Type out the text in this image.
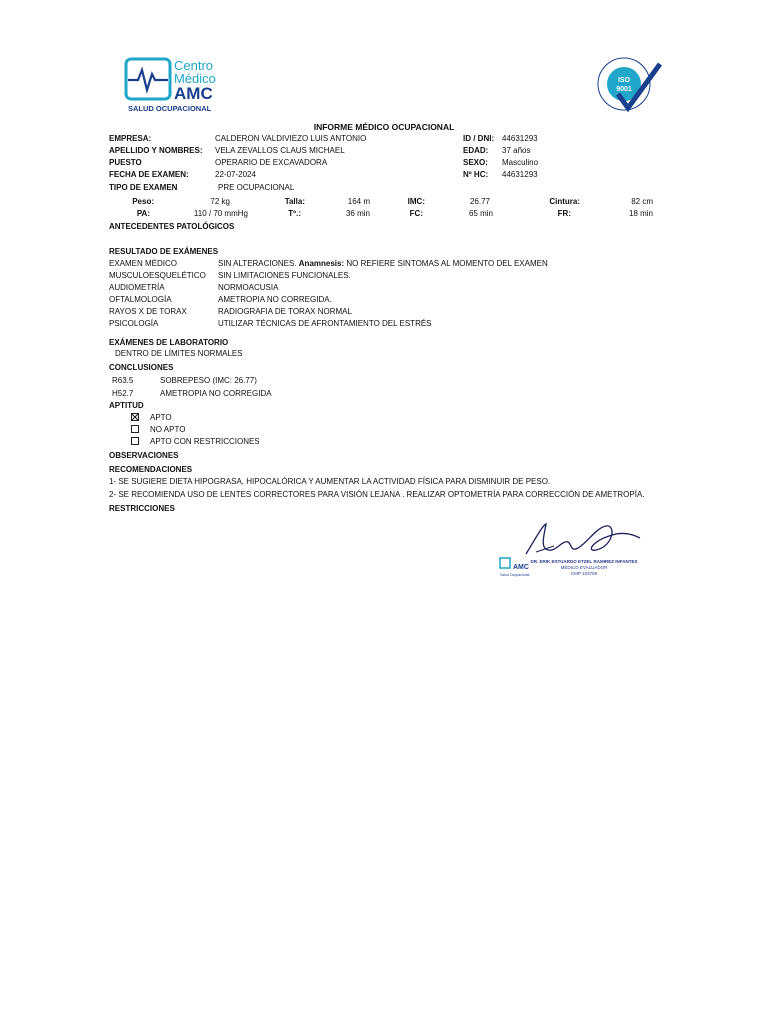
Centro
Médico
AMC
SALUD OCUPACIONAL
ISO
9001
INFORME MÉDICO OCUPACIONAL
EMPRESA:	CALDERON VALDIVIEZO LUIS ANTONIO	ID / DNI: 44631293
APELLIDO Y NOMBRES: VELA ZEVALLOS CLAUS MICHAEL	EDAD: 37 años
PUESTO	OPERARIO DE EXCAVADORA	SEXO: Masculino
FECHA DE EXAMEN:	22-07-2024	Nº HC: 44631293
TIPO DE EXAMEN	PRE OCUPACIONAL
Peso:	72 kg	Talla:	164 m	IMC:	26.77	Cintura:	82 cm
PA:	110 / 70 mmHg	Tº.:	36 min	FC:	65 min	FR:	18 min
ANTECEDENTES PATOLÓGICOS
RESULTADO DE EXÁMENES
EXAMEN MÉDICO	SIN ALTERACIONES. Anamnesis: NO REFIERE SINTOMAS AL MOMENTO DEL EXAMEN
MUSCULOESQUELÉTICO SIN LIMITACIONES FUNCIONALES.
AUDIOMETRÍA	NORMOACUSIA
OFTALMOLOGÍA	AMETROPIA NO CORREGIDA.
RAYOS X DE TORAX	RADIOGRAFIA DE TORAX NORMAL
PSICOLOGÍA	UTILIZAR TÉCNICAS DE AFRONTAMIENTO DEL ESTRÉS
EXÁMENES DE LABORATORIO
DENTRO DE LÍMITES NORMALES
CONCLUSIONES
R63.5	SOBREPESO (IMC: 26.77)
H52.7	AMETROPIA NO CORREGIDA
APTITUD
APTO
NO APTO
APTO CON RESTRICCIONES
OBSERVACIONES
RECOMENDACIONES
1- SE SUGIERE DIETA HIPOGRASA, HIPOCALÓRICA Y AUMENTAR LA ACTIVIDAD FÍSICA PARA DISMINUIR DE PESO.
2- SE RECOMIENDA USO DE LENTES CORRECTORES PARA VISIÓN LEJANA . REALIZAR OPTOMETRÍA PARA CORRECCIÓN DE AMETROPÍA.
RESTRICCIONES
AMC
Salud Ocupacional
DR. ERIK ESTUARDO ETZEL RAMIREZ INFANTES
MÉDICO EVALUADOR
CMP 103759
